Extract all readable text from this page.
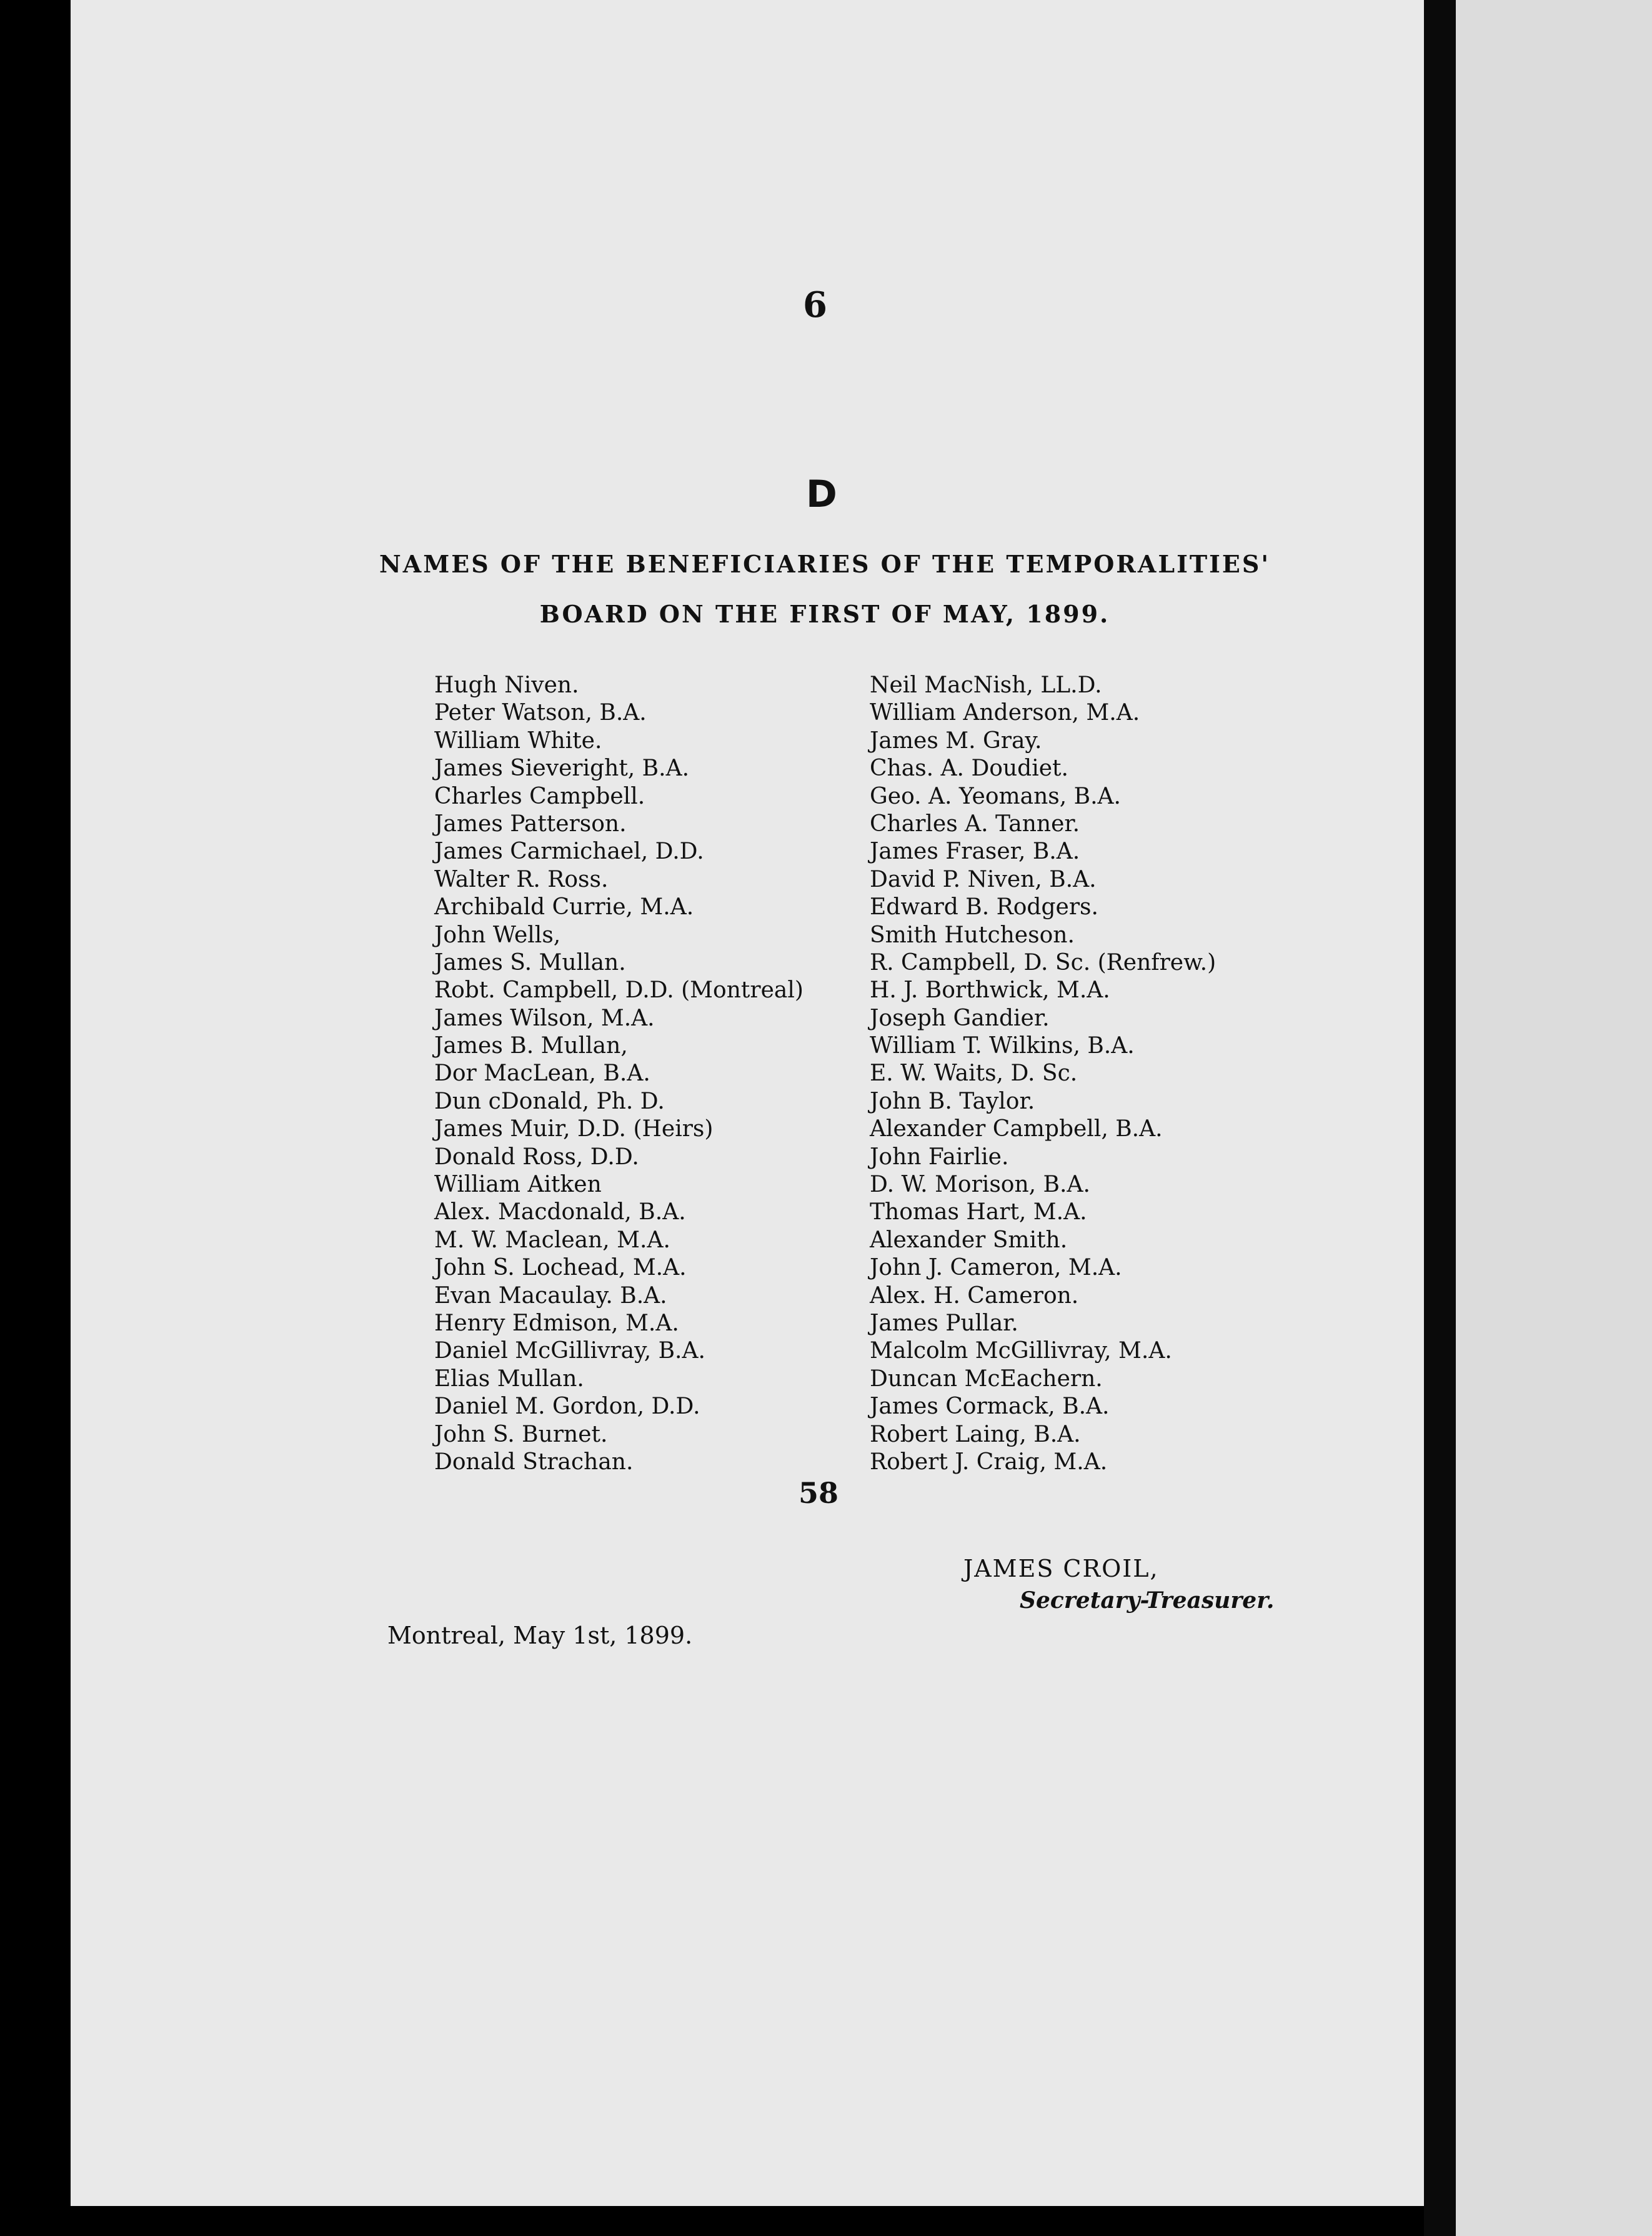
6
D
NAMES OF THE BENEFICIARIES OF THE TEMPORALITIES'
BOARD ON THE FIRST OF MAY, 1899.
Hugh Niven.
Peter Watson, B.A.
William White.
James Sieveright, B.A.
Charles Campbell.
James Patterson.
James Carmichael, D.D.
Walter R. Ross.
Archibald Currie, M.A.
John Wells,
James S. Mullan.
Robt. Campbell, D.D. (Montreal)
James Wilson, M.A.
James B. Mullan,
Dor MacLean, B.A.
Dun cDonald, Ph. D.
James Muir, D.D. (Heirs)
Donald Ross, D.D.
William Aitken
Alex. Macdonald, B.A.
M. W. Maclean, M.A.
John S. Lochead, M.A.
Evan Macaulay. B.A.
Henry Edmison, M.A.
Daniel McGillivray, B.A.
Elias Mullan.
Daniel M. Gordon, D.D.
John S. Burnet.
Donald Strachan.
Neil MacNish, LL.D.
William Anderson, M.A.
James M. Gray.
Chas. A. Doudiet.
Geo. A. Yeomans, B.A.
Charles A. Tanner.
James Fraser, B.A.
David P. Niven, B.A.
Edward B. Rodgers.
Smith Hutcheson.
R. Campbell, D. Sc. (Renfrew.)
H. J. Borthwick, M.A.
Joseph Gandier.
William T. Wilkins, B.A.
E. W. Waits, D. Sc.
John B. Taylor.
Alexander Campbell, B.A.
John Fairlie.
D. W. Morison, B.A.
Thomas Hart, M.A.
Alexander Smith.
John J. Cameron, M.A.
Alex. H. Cameron.
James Pullar.
Malcolm McGillivray, M.A.
Duncan McEachern.
James Cormack, B.A.
Robert Laing, B.A.
Robert J. Craig, M.A.
58
JAMES CROIL,
Secretary-Treasurer.
Montreal, May 1st, 1899.
